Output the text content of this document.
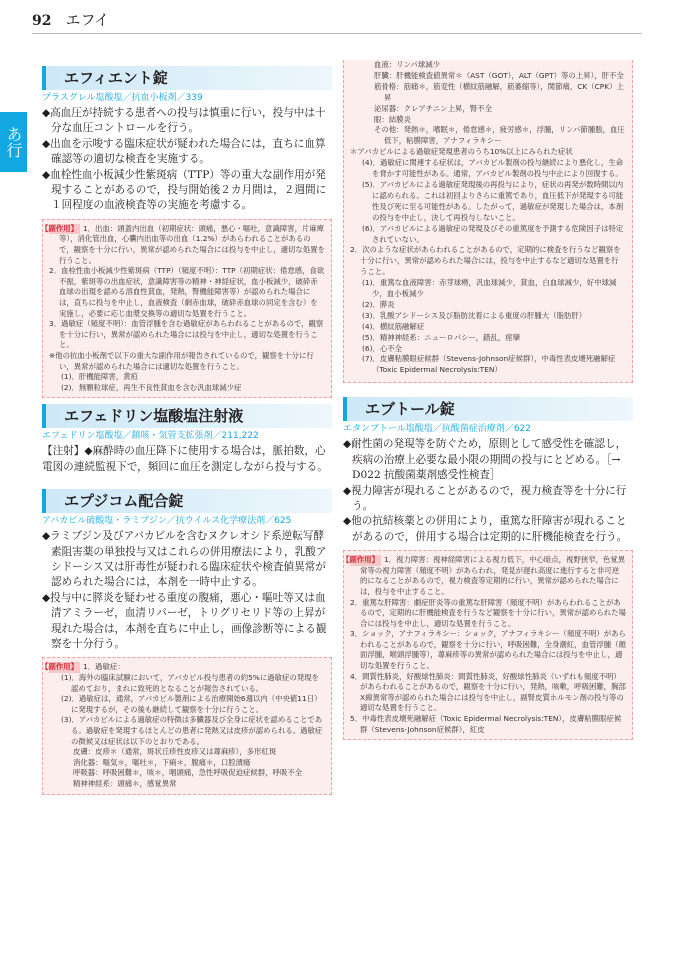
92 エフイ
あ行
エフィエント錠
プラスグレル塩酸塩／抗血小板剤／339

◆高血圧が持続する患者への投与は慎重に行い，投与中は十分な血圧コントロールを行う。

◆出血を示唆する臨床症状が疑われた場合には，直ちに血算確認等の適切な検査を実施する。

◆血栓性血小板減少性紫斑病（TTP）等の重大な副作用が発現することがあるので，投与開始後２カ月間は，２週間に１回程度の血液検査等の実施を考慮する。

【副作用】 1．出血：頭蓋内出血（初期症状：頭痛，悪心・嘔吐，意識障害，片麻痺等），消化管出血，心囊内出血等の出血（1.2%）があらわれることがあるので，観察を十分に行い，異常が認められた場合には投与を中止し，適切な処置を行うこと。

2．血栓性血小板減少性紫斑病（TTP）（頻度不明）：TTP（初期症状：倦怠感，食欲不振，紫斑等の出血症状，意識障害等の精神・神経症状，血小板減少，破砕赤血球の出現を認める溶血性貧血，発熱，腎機能障害等）が認められた場合には，直ちに投与を中止し，血液検査（網赤血球，破砕赤血球の同定を含む）を実施し，必要に応じ血漿交換等の適切な処置を行うこと。

3．過敏症（頻度不明）：血管浮腫を含む過敏症があらわれることがあるので，観察を十分に行い，異常が認められた場合には投与を中止し，適切な処置を行うこと。

※他の抗血小板剤で以下の重大な副作用が報告されているので，観察を十分に行い，異常が認められた場合には適切な処置を行うこと。

(1)．肝機能障害，黄疸

(2)．無顆粒球症，再生不良性貧血を含む汎血球減少症

エフェドリン塩酸塩注射液
エフェドリン塩酸塩／鎮咳・気管支拡張剤／211,222

【注射】◆麻酔時の血圧降下に使用する場合は，脈拍数，心電図の連続監視下で，頻回に血圧を測定しながら投与する。

エプジコム配合錠
アバカビル硫酸塩・ラミブジン／抗ウイルス化学療法剤／625

◆ラミブジン及びアバカビルを含むヌクレオシド系逆転写酵素阻害薬の単独投与又はこれらの併用療法により，乳酸アシドーシス又は肝毒性が疑われる臨床症状や検査値異常が認められた場合には，本剤を一時中止する。

◆投与中に膵炎を疑わせる重度の腹痛，悪心・嘔吐等又は血清アミラーゼ，血清リパーゼ，トリグリセリド等の上昇が現れた場合は，本剤を直ちに中止し，画像診断等による観察を十分行う。

【副作用】 1．過敏症：

(1)．海外の臨床試験において，アバカビル投与患者の約5%に過敏症の発現を認めており，まれに致死的となることが報告されている。

(2)．過敏症は，通常，アバカビル製剤による治療開始6週以内（中央値11日）に発現するが，その後も継続して観察を十分に行うこと。

(3)．アバカビルによる過敏症の特徴は多臓器及び全身に症状を認めることである。過敏症を発現するほとんどの患者に発熱又は皮疹が認められる。過敏症の徴候又は症状は以下のとおりである。

皮膚：皮疹＊（通常，斑状丘疹性皮疹又は蕁麻疹），多形紅斑

消化器：嘔気＊，嘔吐＊，下痢＊，腹痛＊，口腔潰瘍

呼吸器：呼吸困難＊，咳＊，咽頭痛，急性呼吸促迫症候群，呼吸不全

精神神経系：頭痛＊，感覚異常

血液：リンパ球減少

肝臓：肝機能検査値異常＊（AST（GOT），ALT（GPT）等の上昇），肝不全

筋骨格：筋痛＊，筋変性（横紋筋融解，筋萎縮等），関節痛，CK（CPK）上昇

泌尿器：クレアチニン上昇，腎不全

眼：結膜炎

その他：発熱＊，嗜眠＊，倦怠感＊，疲労感＊，浮腫，リンパ節腫脹，血圧低下，粘膜障害，アナフィラキシー

＊アバカビルによる過敏症発現患者のうち10%以上にみられた症状

(4)．過敏症に関連する症状は，アバカビル製剤の投与継続により悪化し，生命を脅かす可能性がある。通常，アバカビル製剤の投与中止により回復する。

(5)．アバカビルによる過敏症発現後の再投与により，症状の再発が数時間以内に認められる。これは初回よりさらに重篤であり，血圧低下が発現する可能性及び死に至る可能性がある。したがって，過敏症が発現した場合は，本剤の投与を中止し，決して再投与しないこと。

(6)．アバカビルによる過敏症の発現及びその重篤度を予測する危険因子は特定されていない。

2．次のような症状があらわれることがあるので，定期的に検査を行うなど観察を十分に行い，異常が認められた場合には，投与を中止するなど適切な処置を行うこと。

(1)．重篤な血液障害：赤芽球癆，汎血球減少，貧血，白血球減少，好中球減少，血小板減少

(2)．膵炎

(3)．乳酸アシドーシス及び脂肪沈着による重度の肝腫大（脂肪肝）

(4)．横紋筋融解症

(5)．精神神経系：ニューロパシー，錯乱，痙攣

(6)．心不全

(7)．皮膚粘膜眼症候群（Stevens-Johnson症候群），中毒性表皮壊死融解症（Toxic Epidermal Necrolysis:TEN）

エブトール錠
エタンブトール塩酸塩／抗酸菌症治療剤／622

◆耐性菌の発現等を防ぐため，原則として感受性を確認し，疾病の治療上必要な最小限の期間の投与にとどめる。［→ D022 抗酸菌薬剤感受性検査］

◆視力障害が現れることがあるので，視力検査等を十分に行う。

◆他の抗結核薬との併用により，重篤な肝障害が現れることがあるので，併用する場合は定期的に肝機能検査を行う。

【副作用】 1．視力障害：視神経障害による視力低下，中心暗点，視野狭窄，色覚異常等の視力障害（頻度不明）があらわれ，発見が遅れ高度に進行すると非可逆的になることがあるので，視力検査等定期的に行い，異常が認められた場合には，投与を中止すること。

2．重篤な肝障害：劇症肝炎等の重篤な肝障害（頻度不明）があらわれることがあるので，定期的に肝機能検査を行うなど観察を十分に行い，異常が認められた場合には投与を中止し，適切な処置を行うこと。

3．ショック，アナフィラキシー：ショック，アナフィラキシー（頻度不明）があらわれることがあるので，観察を十分に行い，呼吸困難，全身潮紅，血管浮腫（顔面浮腫，喉頭浮腫等），蕁麻疹等の異常が認められた場合には投与を中止し，適切な処置を行うこと。

4．間質性肺炎，好酸球性肺炎：間質性肺炎，好酸球性肺炎（いずれも頻度不明）があらわれることがあるので，観察を十分に行い，発熱，咳嗽，呼吸困難，胸部X線異常等が認められた場合には投与を中止し，副腎皮質ホルモン剤の投与等の適切な処置を行うこと。

5．中毒性表皮壊死融解症（Toxic Epidermal Necrolysis:TEN），皮膚粘膜眼症候群（Stevens-Johnson症候群），紅皮
